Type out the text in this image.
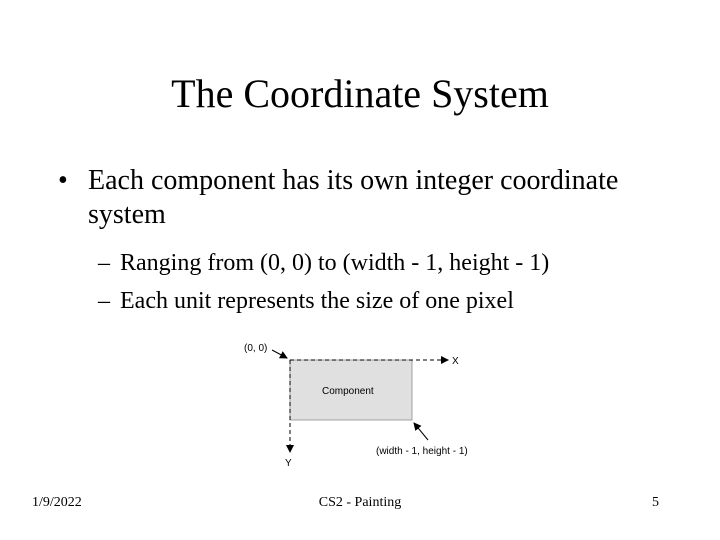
The Coordinate System
• Each component has its own integer coordinate system
– Ranging from (0, 0) to (width - 1, height - 1)
– Each unit represents the size of one pixel
(0, 0)
X
Y
Component
(width - 1, height - 1)
1/9/2022	CS2 - Painting	5
